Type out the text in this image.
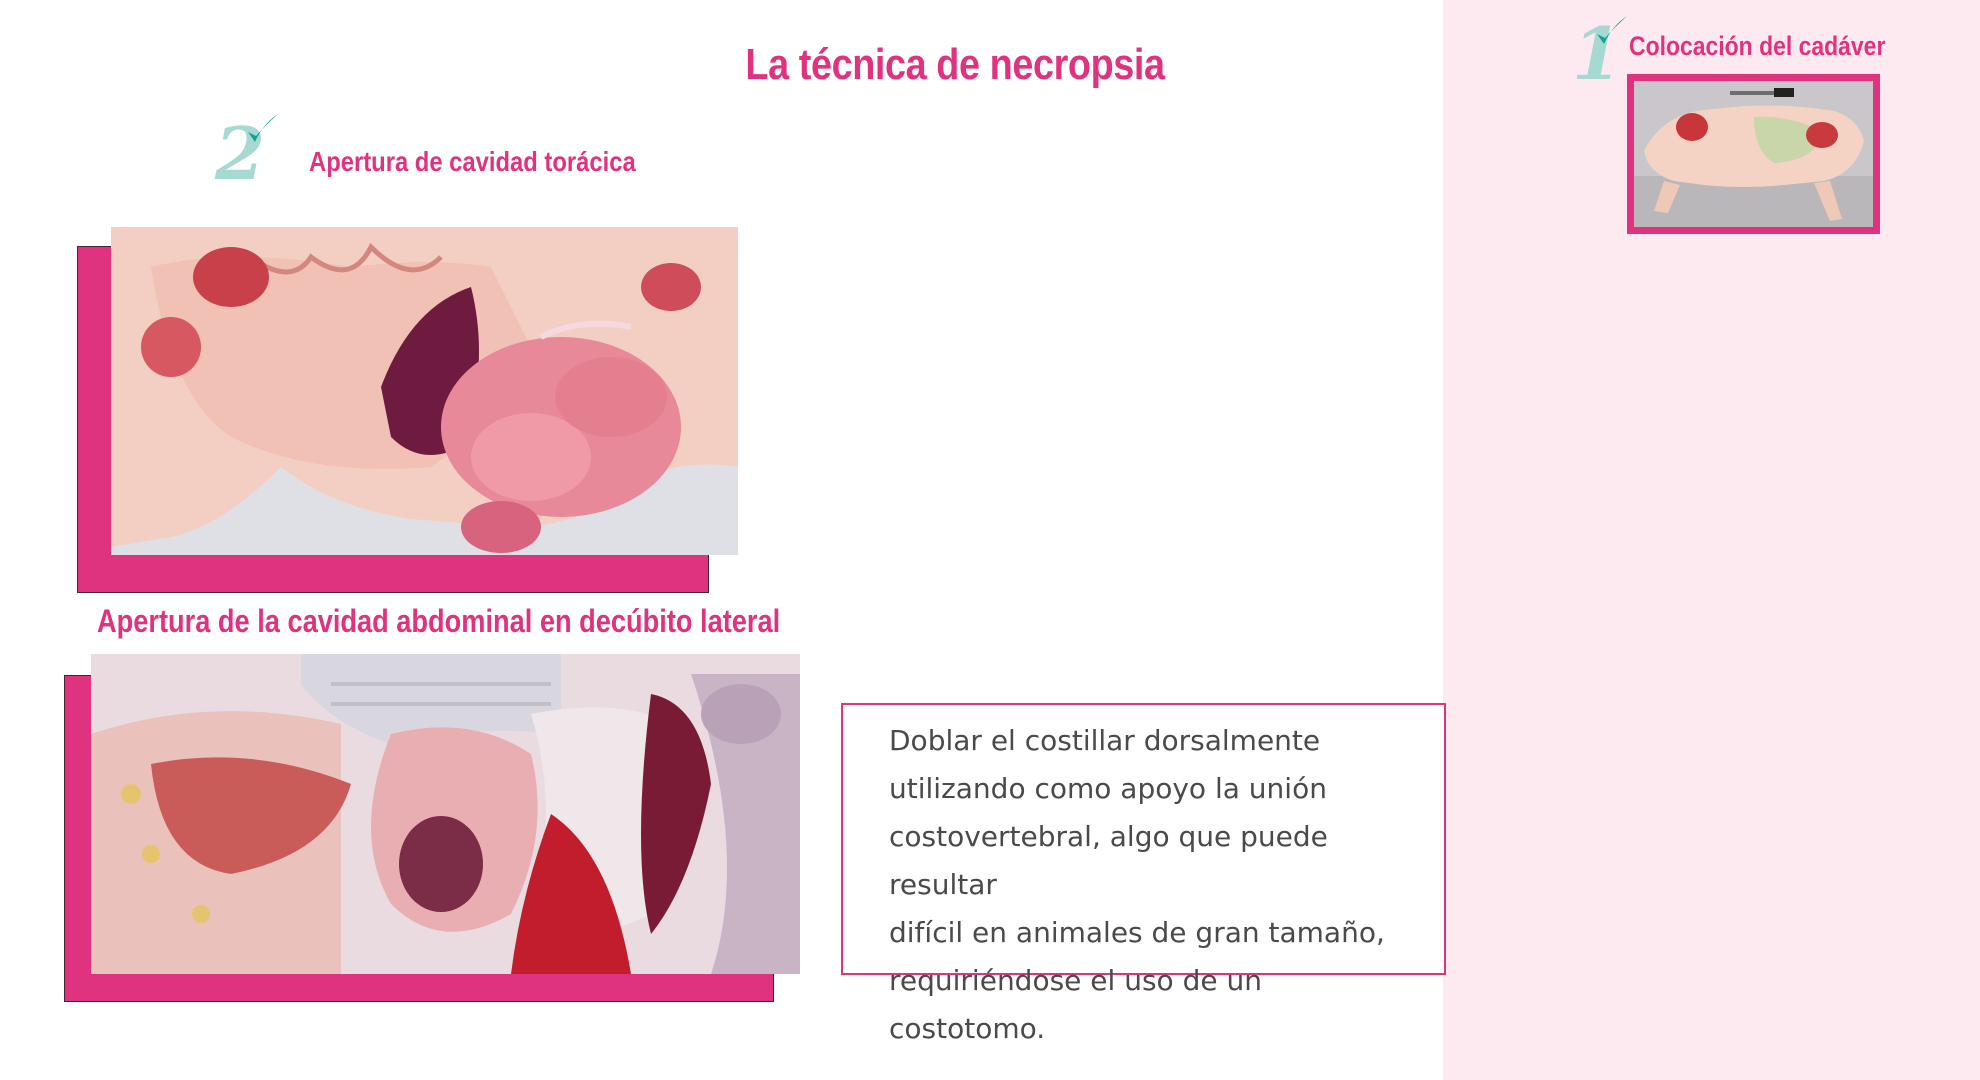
La técnica de necropsia	1 Colocación del cadáver
2 Apertura de cavidad torácica
Apertura de la cavidad abdominal en decúbito lateral

Doblar el costillar dorsalmente

utilizando como apoyo la unión

costovertebral, algo que puede resultar

difícil en animales de gran tamaño,

requiriéndose el uso de un costotomo.
